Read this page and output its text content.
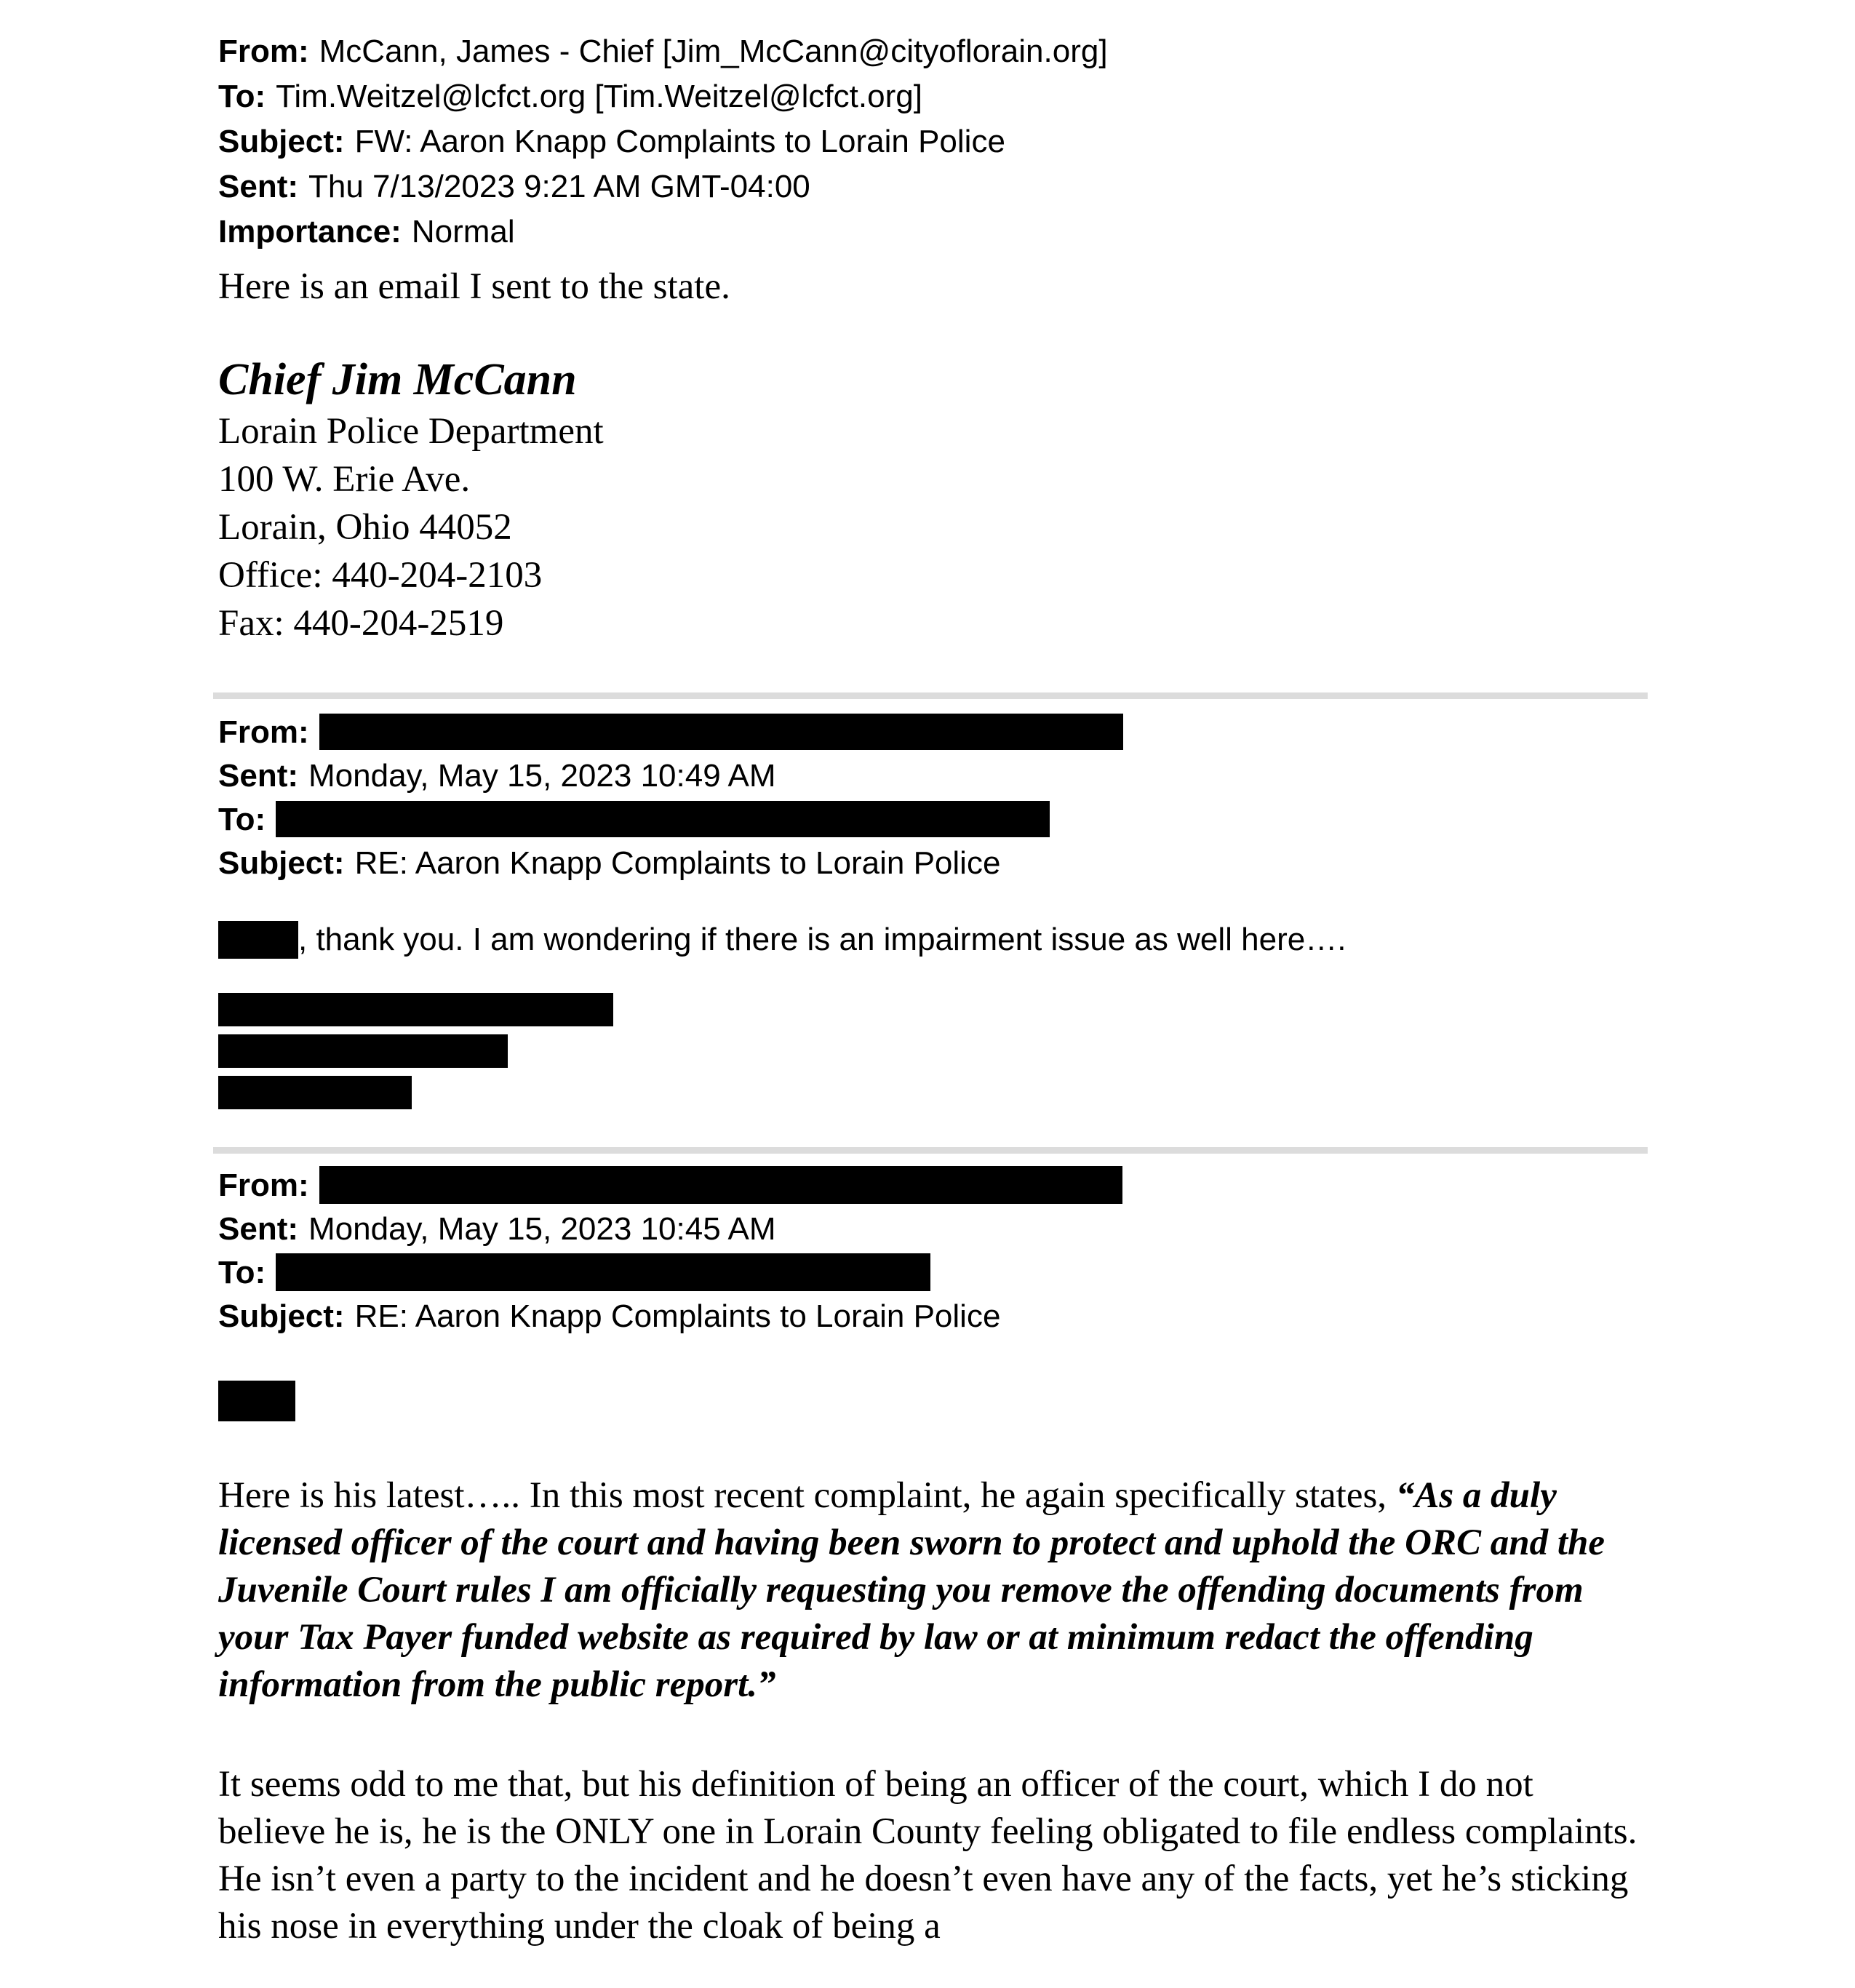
From: McCann, James - Chief [Jim_McCann@cityoflorain.org]
To: Tim.Weitzel@lcfct.org [Tim.Weitzel@lcfct.org]
Subject: FW: Aaron Knapp Complaints to Lorain Police
Sent: Thu 7/13/2023 9:21 AM GMT-04:00
Importance: Normal
Here is an email I sent to the state.
Chief Jim McCann
Lorain Police Department
100 W. Erie Ave.
Lorain, Ohio 44052
Office: 440-204-2103
Fax: 440-204-2519
From:
Sent: Monday, May 15, 2023 10:49 AM
To:
Subject: RE: Aaron Knapp Complaints to Lorain Police
, thank you. I am wondering if there is an impairment issue as well here….
From:
Sent: Monday, May 15, 2023 10:45 AM
To:
Subject: RE: Aaron Knapp Complaints to Lorain Police
Here is his latest….. In this most recent complaint, he again specifically states, “As a duly licensed officer of the court and having been sworn to protect and uphold the ORC and the Juvenile Court rules I am officially requesting you remove the offending documents from your Tax Payer funded website as required by law or at minimum redact the offending information from the public report.”
It seems odd to me that, but his definition of being an officer of the court, which I do not believe he is, he is the ONLY one in Lorain County feeling obligated to file endless complaints.  He isn’t even a party to the incident and he doesn’t even have any of the facts, yet he’s sticking his nose in everything under the cloak of being a
